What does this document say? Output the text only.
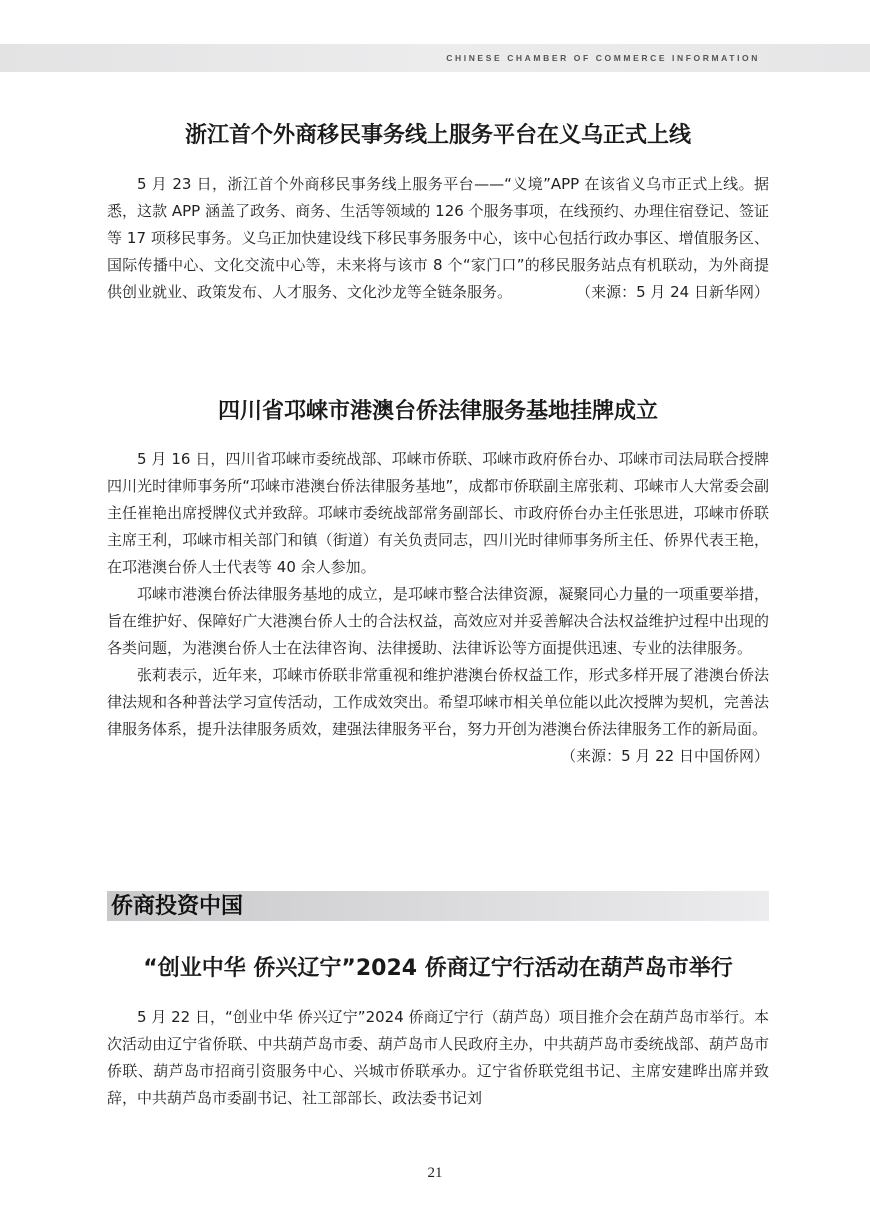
CHINESE CHAMBER OF COMMERCE INFORMATION
浙江首个外商移民事务线上服务平台在义乌正式上线

5 月 23 日，浙江首个外商移民事务线上服务平台——“义境”APP 在该省义乌市正式上线。据悉，这款 APP 涵盖了政务、商务、生活等领域的 126 个服务事项，在线预约、办理住宿登记、签证等 17 项移民事务。义乌正加快建设线下移民事务服务中心，该中心包括行政办事区、增值服务区、国际传播中心、文化交流中心等，未来将与该市 8 个“家门口”的移民服务站点有机联动，为外商提供创业就业、政策发布、人才服务、文化沙龙等全链条服务。	（来源：5 月 24 日新华网）

四川省邛崃市港澳台侨法律服务基地挂牌成立

5 月 16 日，四川省邛崃市委统战部、邛崃市侨联、邛崃市政府侨台办、邛崃市司法局联合授牌四川光时律师事务所“邛崃市港澳台侨法律服务基地”，成都市侨联副主席张莉、邛崃市人大常委会副主任崔艳出席授牌仪式并致辞。邛崃市委统战部常务副部长、市政府侨台办主任张思进，邛崃市侨联主席王利，邛崃市相关部门和镇（街道）有关负责同志，四川光时律师事务所主任、侨界代表王艳，在邛港澳台侨人士代表等 40 余人参加。

邛崃市港澳台侨法律服务基地的成立，是邛崃市整合法律资源，凝聚同心力量的一项重要举措，旨在维护好、保障好广大港澳台侨人士的合法权益，高效应对并妥善解决合法权益维护过程中出现的各类问题，为港澳台侨人士在法律咨询、法律援助、法律诉讼等方面提供迅速、专业的法律服务。

张莉表示，近年来，邛崃市侨联非常重视和维护港澳台侨权益工作，形式多样开展了港澳台侨法律法规和各种普法学习宣传活动，工作成效突出。希望邛崃市相关单位能以此次授牌为契机，完善法律服务体系，提升法律服务质效，建强法律服务平台，努力开创为港澳台侨法律服务工作的新局面。
（来源：5 月 22 日中国侨网）

侨商投资中国
“创业中华 侨兴辽宁”2024 侨商辽宁行活动在葫芦岛市举行

5 月 22 日，“创业中华 侨兴辽宁”2024 侨商辽宁行（葫芦岛）项目推介会在葫芦岛市举行。本次活动由辽宁省侨联、中共葫芦岛市委、葫芦岛市人民政府主办，中共葫芦岛市委统战部、葫芦岛市侨联、葫芦岛市招商引资服务中心、兴城市侨联承办。辽宁省侨联党组书记、主席安建晔出席并致辞，中共葫芦岛市委副书记、社工部部长、政法委书记刘

21
